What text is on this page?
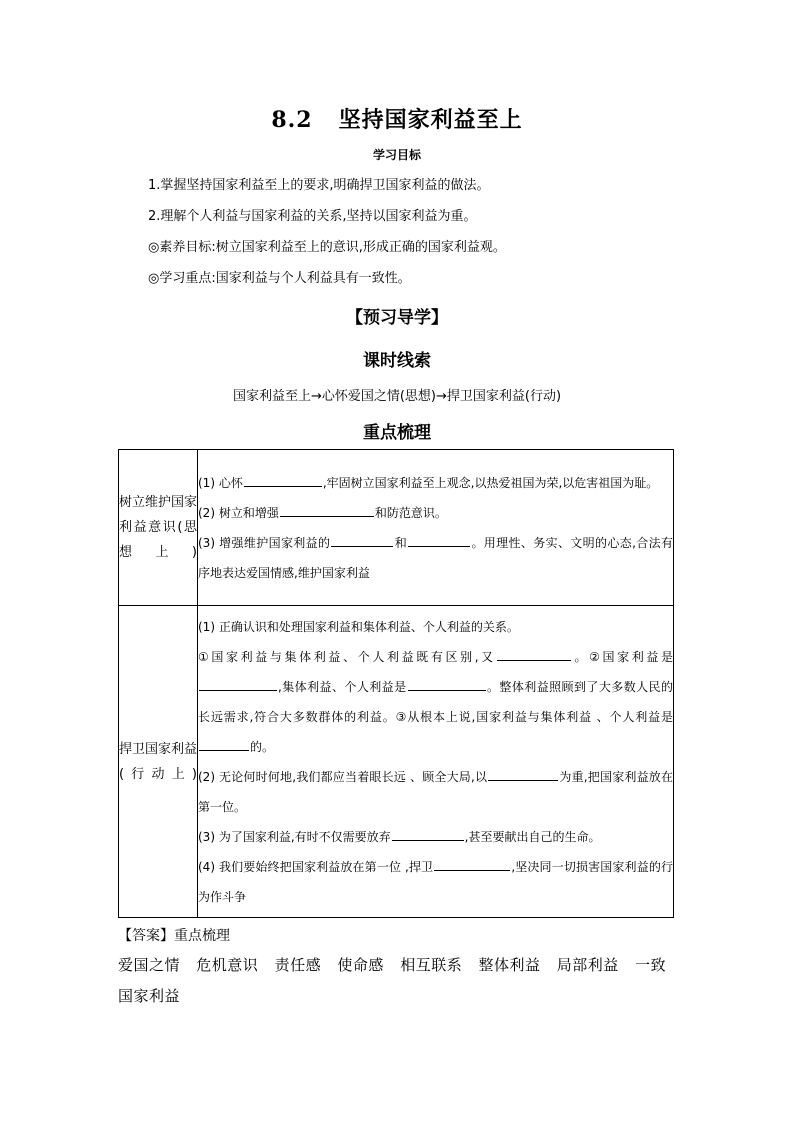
8.2 坚持国家利益至上
学习目标
1.掌握坚持国家利益至上的要求,明确捍卫国家利益的做法。
2.理解个人利益与国家利益的关系,坚持以国家利益为重。
◎素养目标:树立国家利益至上的意识,形成正确的国家利益观。
◎学习重点:国家利益与个人利益具有一致性。
【预习导学】
课时线索
国家利益至上→心怀爱国之情(思想)→捍卫国家利益(行动)
重点梳理
树立维护国家利益意识(思想上)	(1) 心怀 ,牢固树立国家利益至上观念,以热爱祖国为荣,以危害祖国为耻。
(2) 树立和增强 和防范意识。
(3) 增强维护国家利益的 和 。用理性、务实、文明的心态,合法有序地表达爱国情感,维护国家利益

捍卫国家利益(行动上)	(1) 正确认识和处理国家利益和集体利益、个人利益的关系。
①国家利益与集体利益、个人利益既有区别,又 。②国家利益是,集体利益、个人利益是 。整体利益照顾到了大多数人民的长远需求,符合大多数群体的利益。③从根本上说,国家利益与集体利益 、个人利益是的。
(2) 无论何时何地,我们都应当着眼长远 、顾全大局,以 为重,把国家利益放在第一位。
(3) 为了国家利益,有时不仅需要放弃 ,甚至要献出自己的生命。
(4) 我们要始终把国家利益放在第一位 ,捍卫 ,坚决同一切损害国家利益的行为作斗争
【答案】重点梳理
爱国之情 危机意识 责任感 使命感 相互联系 整体利益 局部利益 一致 国家利益
